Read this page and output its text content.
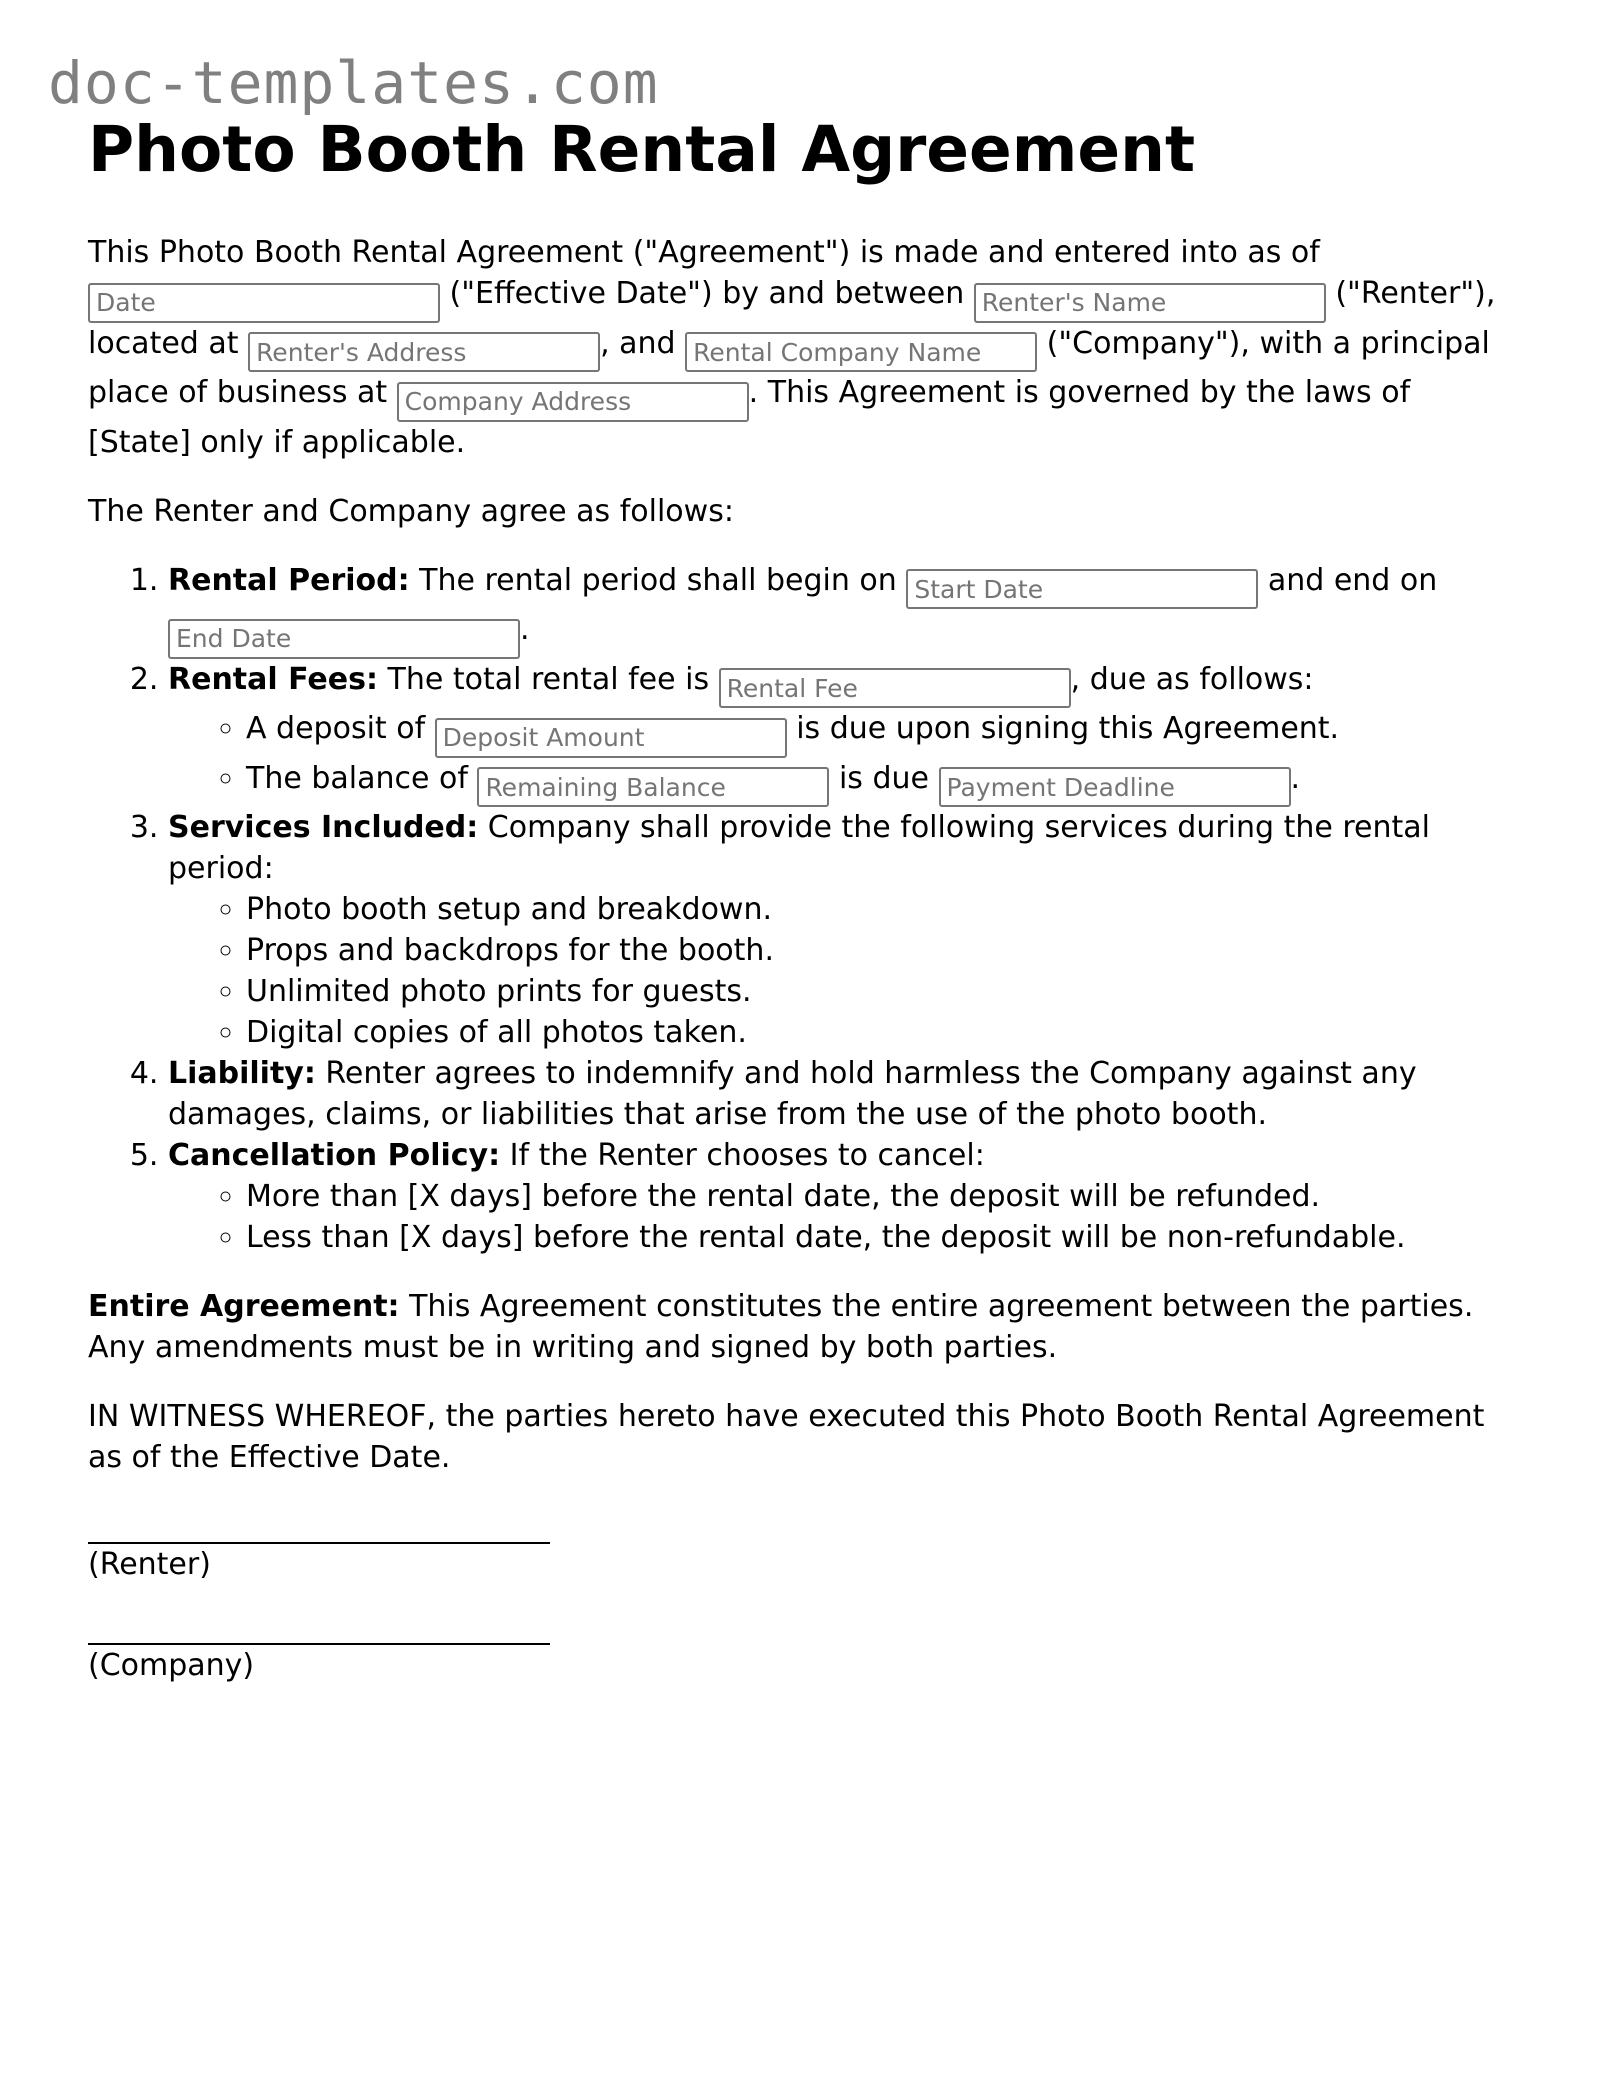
doc-templates.com
Photo Booth Rental Agreement

This Photo Booth Rental Agreement ("Agreement") is made and entered into as of Date ("Effective Date") by and between Renter's Name	("Renter"), located at Renter's Address	, and Rental Company Name	("Company"), with a principal place of business at Company Address	. This Agreement is governed by the laws of [State] only if applicable.

The Renter and Company agree as follows:

1. Rental Period: The rental period shall begin on Start Date	and end on End Date.
2. Rental Fees: The total rental fee is Rental Fee	, due as follows:
◦ A deposit of Deposit Amount	is due upon signing this Agreement.
◦ The balance of Remaining Balance	is due Payment Deadline	.
3. Services Included: Company shall provide the following services during the rental period:
◦ Photo booth setup and breakdown.
◦ Props and backdrops for the booth.
◦ Unlimited photo prints for guests.
◦ Digital copies of all photos taken.
4. Liability: Renter agrees to indemnify and hold harmless the Company against any damages, claims, or liabilities that arise from the use of the photo booth.
5. Cancellation Policy: If the Renter chooses to cancel:
◦ More than [X days] before the rental date, the deposit will be refunded.
◦ Less than [X days] before the rental date, the deposit will be non-refundable.

Entire Agreement: This Agreement constitutes the entire agreement between the parties. Any amendments must be in writing and signed by both parties.

IN WITNESS WHEREOF, the parties hereto have executed this Photo Booth Rental Agreement as of the Effective Date.

(Renter)
(Company)
